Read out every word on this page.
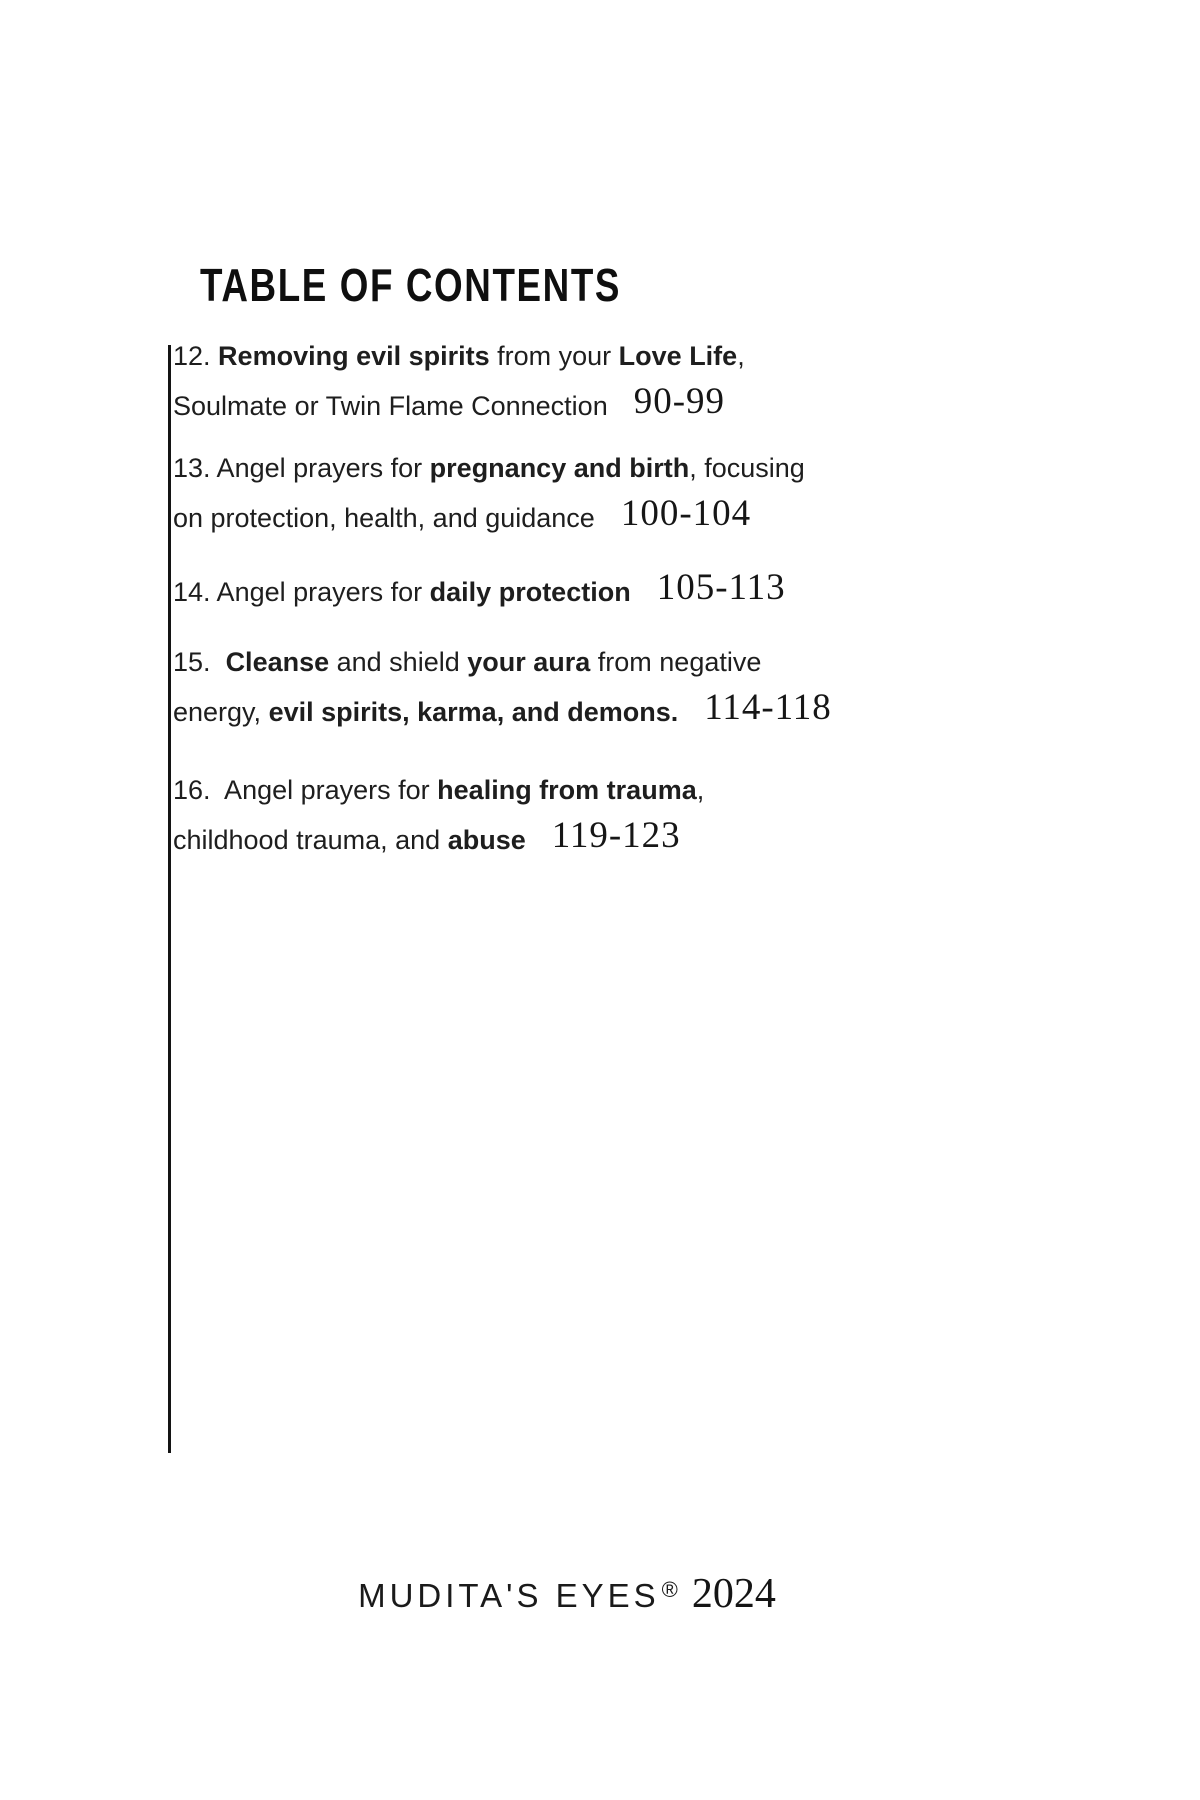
TABLE OF CONTENTS

12. Removing evil spirits from your Love Life,
Soulmate or Twin Flame Connection 90-99

13. Angel prayers for pregnancy and birth, focusing
on protection, health, and guidance 100-104

14. Angel prayers for daily protection 105-113

15. Cleanse and shield your aura from negative
energy, evil spirits, karma, and demons. 114-118

16.  Angel prayers for healing from trauma,
childhood trauma, and abuse 119-123

MUDITA'S EYES® 2024
